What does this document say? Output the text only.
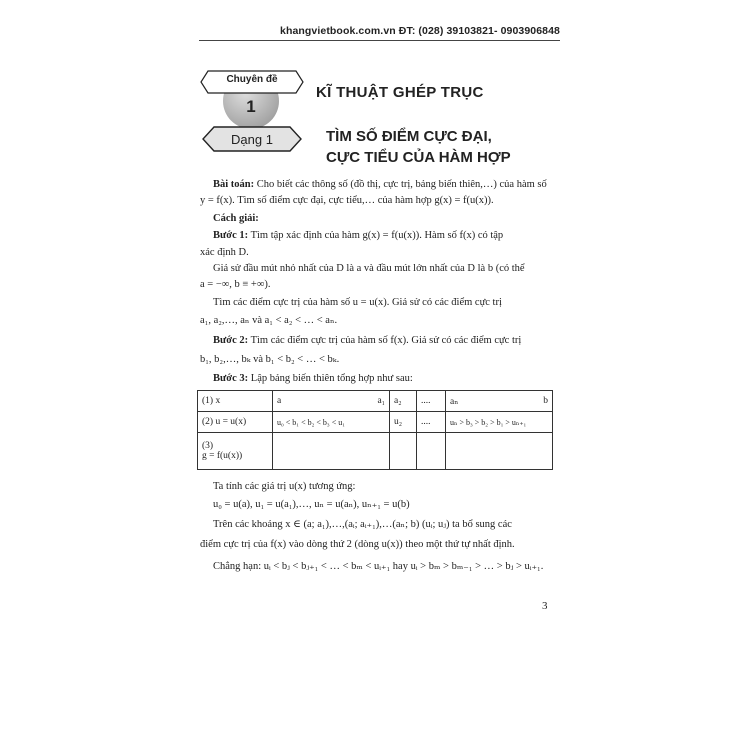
khangvietbook.com.vn ĐT: (028) 39103821- 0903906848
1
Chuyên đề
KĨ THUẬT GHÉP TRỤC
Dạng 1	TÌM SỐ ĐIỂM CỰC ĐẠI,
CỰC TIỂU CỦA HÀM HỢP
Bài toán: Cho biết các thông số (đồ thị, cực trị, bảng biến thiên,…) của hàm số
y = f(x). Tìm số điểm cực đại, cực tiểu,… của hàm hợp g(x) = f(u(x)).
Cách giải:
Bước 1: Tìm tập xác định của hàm g(x) = f(u(x)). Hàm số f(x) có tập
xác định D.
Giả sử đầu mút nhỏ nhất của D là a và đầu mút lớn nhất của D là b (có thể
a = −∞, b ≡ +∞).
Tìm các điểm cực trị của hàm số u = u(x). Giả sử có các điểm cực trị
a₁, a₂,…, aₙ và a₁ < a₂ < … < aₙ.
Bước 2: Tìm các điểm cực trị của hàm số f(x). Giả sử có các điểm cực trị
b₁, b₂,…, bₖ và b₁ < b₂ < … < bₖ.
Bước 3: Lập bảng biến thiên tổng hợp như sau:
(1) x	a a₁	a₂	....	aₙ b

(2) u = u(x)	u₀ < b₁ < b₂ < b₃ < u₁	u₂	....	uₙ > b₃ > b₂ > b₁ > uₙ₊₁

(3)
g = f(u(x))				

Ta tính các giá trị u(x) tương ứng:
u₀ = u(a), u₁ = u(a₁),…, uₙ = u(aₙ), uₙ₊₁ = u(b)
Trên các khoảng x ∈ (a; a₁),…,(aᵢ; aᵢ₊₁),…(aₙ; b) (uᵢ; uⱼ) ta bổ sung các
điểm cực trị của f(x) vào dòng thứ 2 (dòng u(x)) theo một thứ tự nhất định.
Chẳng hạn: uᵢ < bⱼ < bⱼ₊₁ < … < bₘ < uᵢ₊₁ hay uᵢ > bₘ > bₘ₋₁ > … > bⱼ > uᵢ₊₁.
3
